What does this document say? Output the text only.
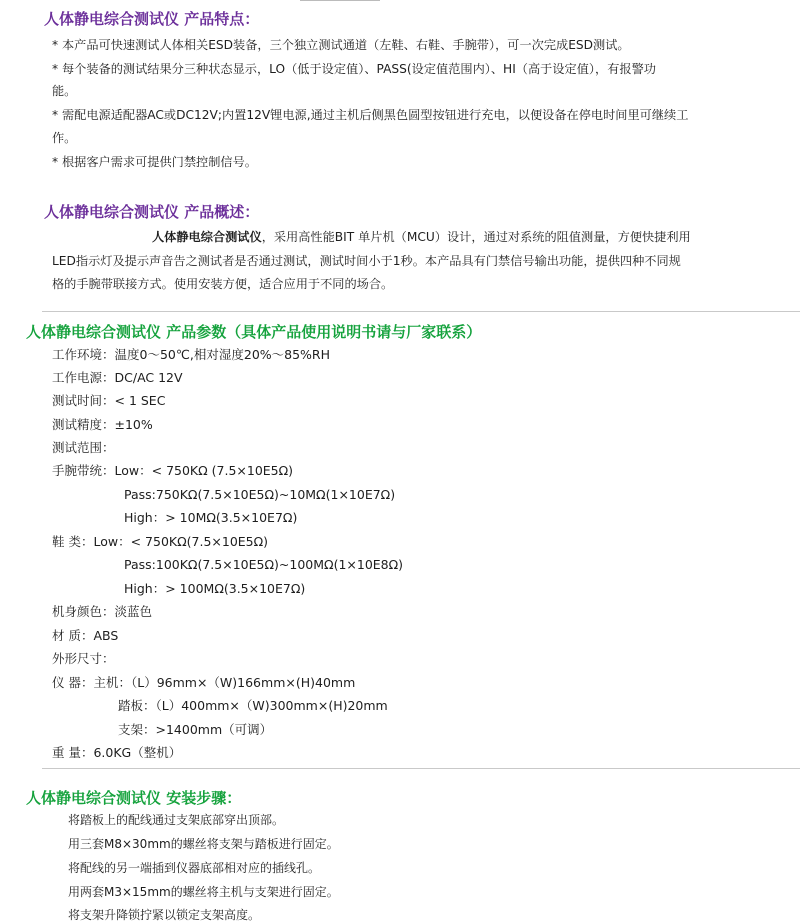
人体静电综合测试仪 产品特点：
* 本产品可快速测试人体相关ESD装备，三个独立测试通道（左鞋、右鞋、手腕带），可一次完成ESD测试。
* 每个装备的测试结果分三种状态显示，LO（低于设定值）、PASS(设定值范围内）、HI（高于设定值），有报警功
能。
* 需配电源适配器AC或DC12V;内置12V锂电源,通过主机后侧黑色圆型按钮进行充电，以便设备在停电时间里可继续工
作。
* 根据客户需求可提供门禁控制信号。
人体静电综合测试仪 产品概述：
人体静电综合测试仪，采用高性能BIT 单片机（MCU）设计，通过对系统的阻值测量，方便快捷利用
LED指示灯及提示声音告之测试者是否通过测试，测试时间小于1秒。本产品具有门禁信号输出功能，提供四种不同规
格的手腕带联接方式。使用安装方便，适合应用于不同的场合。
人体静电综合测试仪 产品参数（具体产品使用说明书请与厂家联系）
工作环境：温度0～50℃,相对湿度20%～85%RH
工作电源：DC/AC 12V
测试时间：< 1 SEC
测试精度：±10%
测试范围：
手腕带统：Low：< 750KΩ (7.5×10E5Ω)
Pass:750KΩ(7.5×10E5Ω)~10MΩ(1×10E7Ω)
High：> 10MΩ(3.5×10E7Ω)
鞋 类：Low：< 750KΩ(7.5×10E5Ω)
Pass:100KΩ(7.5×10E5Ω)~100MΩ(1×10E8Ω)
High：> 100MΩ(3.5×10E7Ω)
机身颜色：淡蓝色
材 质：ABS
外形尺寸：
仪 器：主机：（L）96mm×（W)166mm×(H)40mm
踏板：（L）400mm×（W)300mm×(H)20mm
支架：>1400mm（可调）
重 量：6.0KG（整机）
人体静电综合测试仪 安装步骤：
将踏板上的配线通过支架底部穿出顶部。
用三套M8×30mm的螺丝将支架与踏板进行固定。
将配线的另一端插到仪器底部相对应的插线孔。
用两套M3×15mm的螺丝将主机与支架进行固定。
将支架升降锁拧紧以锁定支架高度。
